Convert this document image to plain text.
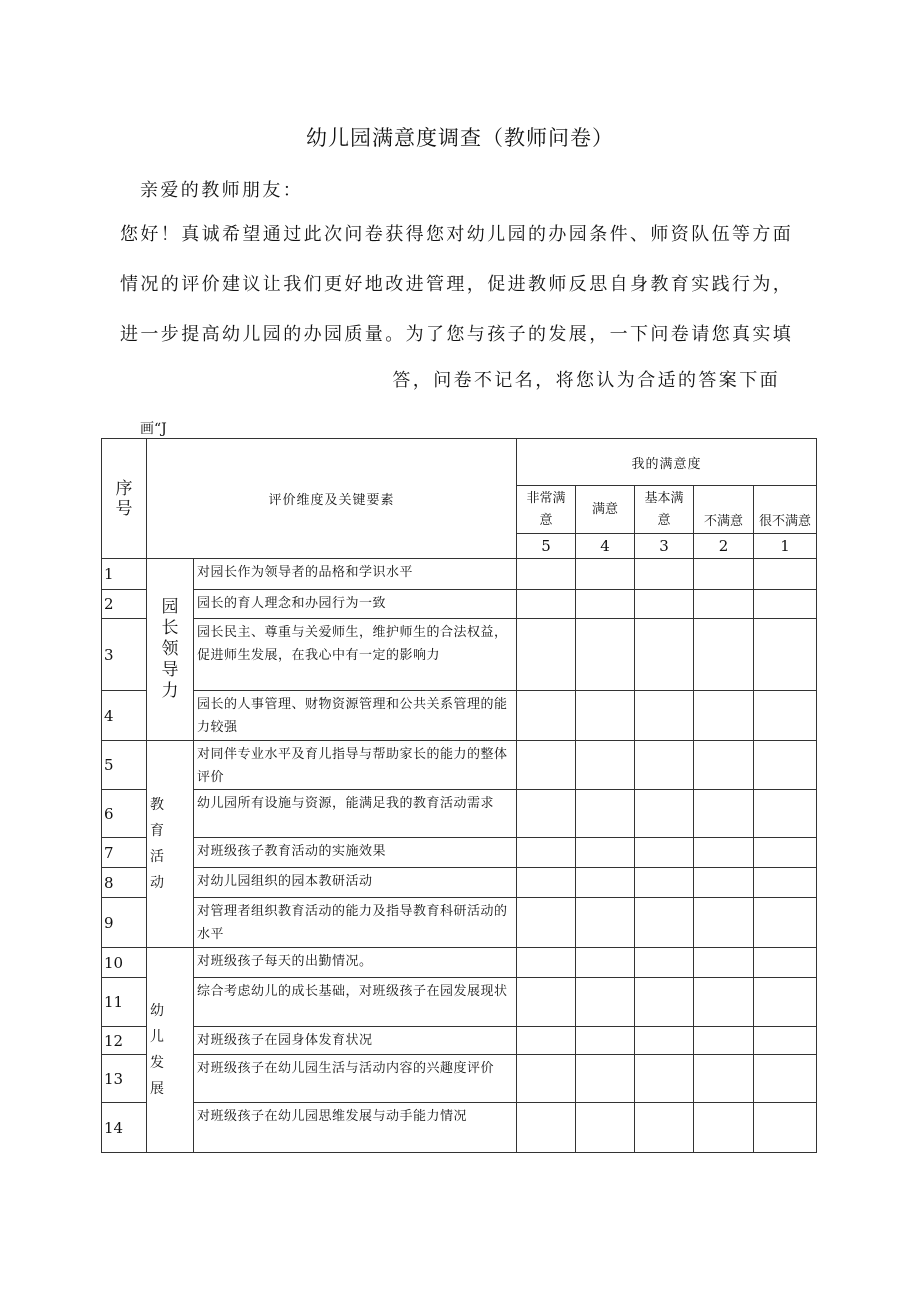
幼儿园满意度调查（教师问卷）
亲爱的教师朋友：
您好！真诚希望通过此次问卷获得您对幼儿园的办园条件、师资队伍等方面
情况的评价建议让我们更好地改进管理，促进教师反思自身教育实践行为，
进一步提高幼儿园的办园质量。为了您与孩子的发展，一下问卷请您真实填
答，问卷不记名，将您认为合适的答案下面
画“J
序号	评价维度及关键要素		我的满意度				
			非常满意	满意	基本满意	不满意	很不满意
			5	4	3	2	1
1	园长领导力	对园长作为领导者的品格和学识水平					
2		园长的育人理念和办园行为一致					
3		园长民主、尊重与关爱师生，维护师生的合法权益，促进师生发展，在我心中有一定的影响力					
4		园长的人事管理、财物资源管理和公共关系管理的能力较强					
5	教育活动	对同伴专业水平及育儿指导与帮助家长的能力的整体评价					
6		幼儿园所有设施与资源，能满足我的教育活动需求					
7		对班级孩子教育活动的实施效果					
8		对幼儿园组织的园本教研活动					
9		对管理者组织教育活动的能力及指导教育科研活动的水平					
10	幼儿发展	对班级孩子每天的出勤情况。					
11		综合考虑幼儿的成长基础，对班级孩子在园发展现状					
12		对班级孩子在园身体发育状况					
13		对班级孩子在幼儿园生活与活动内容的兴趣度评价					
14		对班级孩子在幼儿园思维发展与动手能力情况					
